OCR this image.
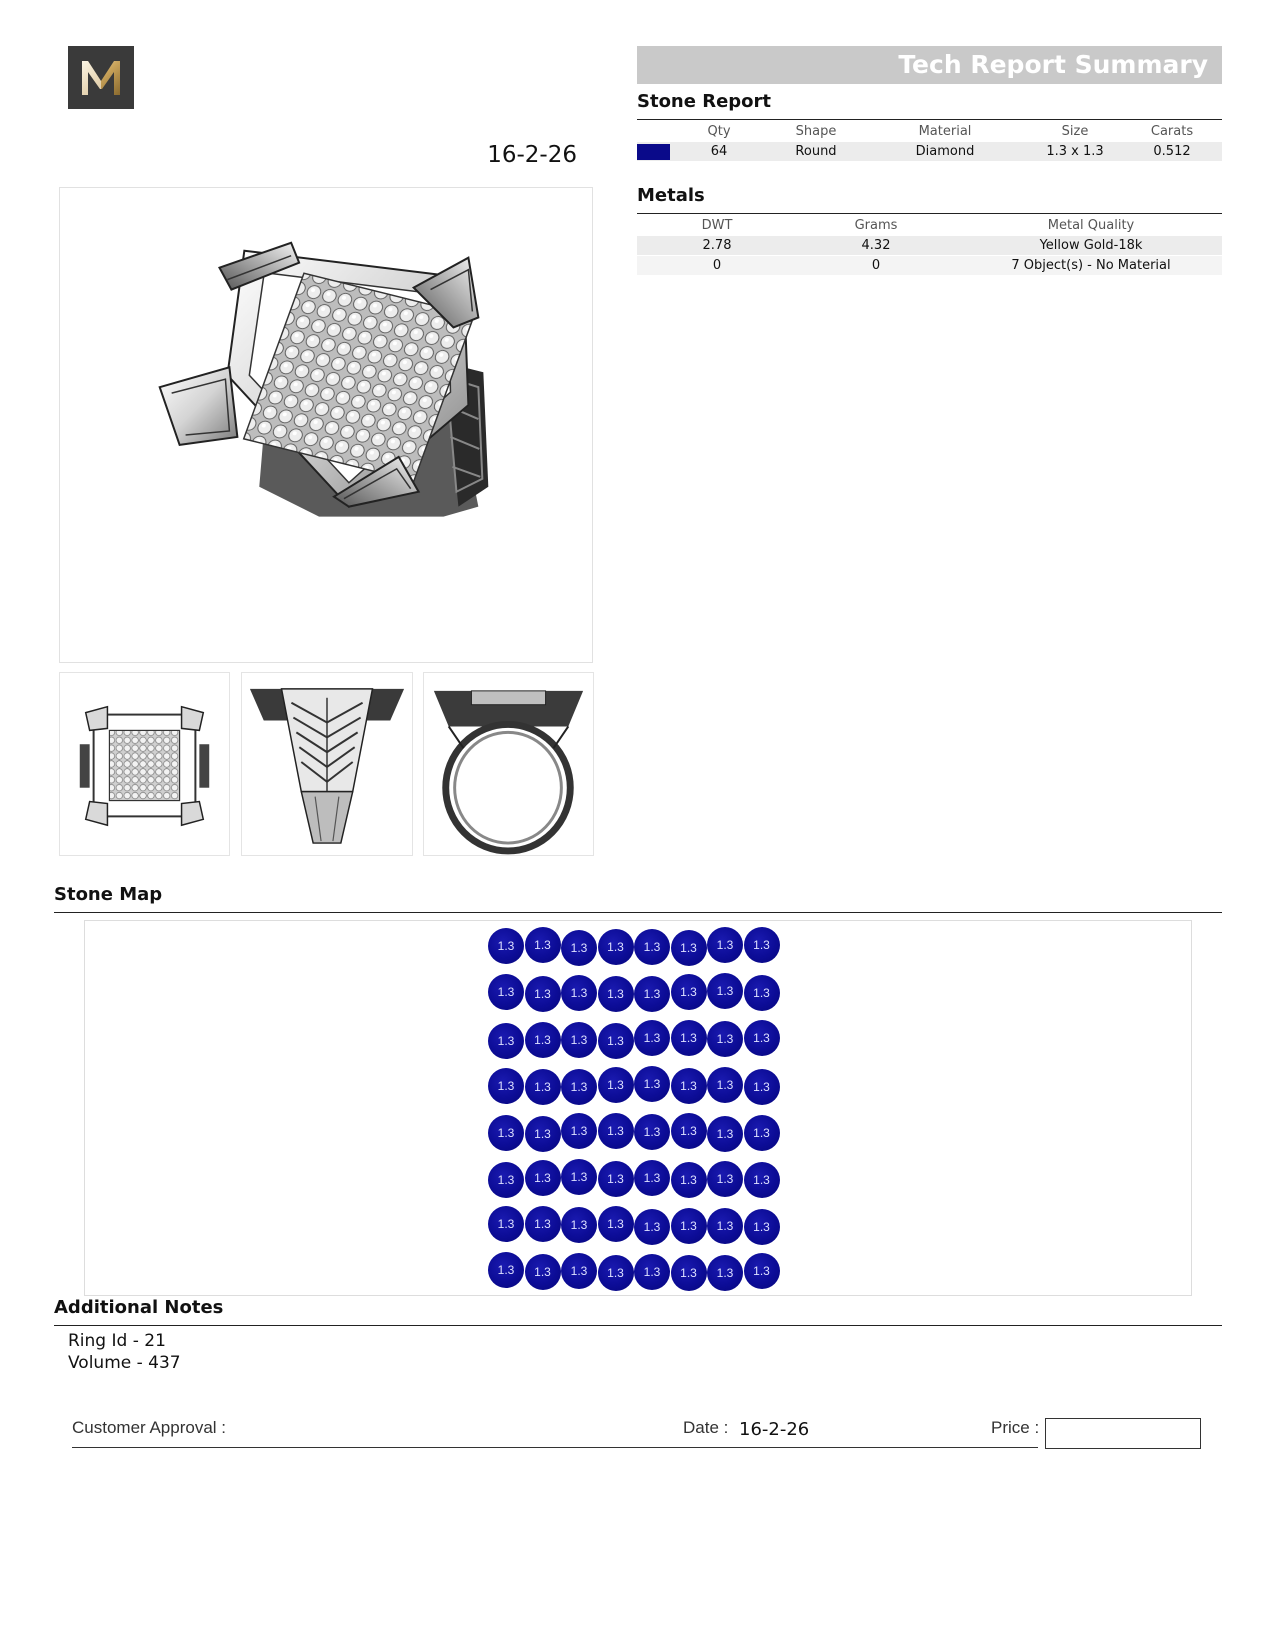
16-2-26
Tech Report Summary
Stone Report
Qty	Shape	Material	Size	Carats
64	Round	Diamond	1.3 x 1.3	0.512
Metals
DWT	Grams	Metal Quality
2.78	4.32	Yellow Gold-18k
0	0	7 Object(s) - No Material
Stone Map
1.3	1.3	1.3	1.3	1.3	1.3	1.3	1.3
1.3	1.3	1.3	1.3	1.3	1.3	1.3	1.3
1.3	1.3	1.3	1.3	1.3	1.3	1.3	1.3
1.3	1.3	1.3	1.3	1.3	1.3	1.3	1.3
1.3	1.3	1.3	1.3	1.3	1.3	1.3	1.3
1.3	1.3	1.3	1.3	1.3	1.3	1.3	1.3
1.3	1.3	1.3	1.3	1.3	1.3	1.3	1.3
1.3	1.3	1.3	1.3	1.3	1.3	1.3	1.3
Additional Notes
Ring Id - 21
Volume - 437
Customer Approval :	Date : 16-2-26	Price :
